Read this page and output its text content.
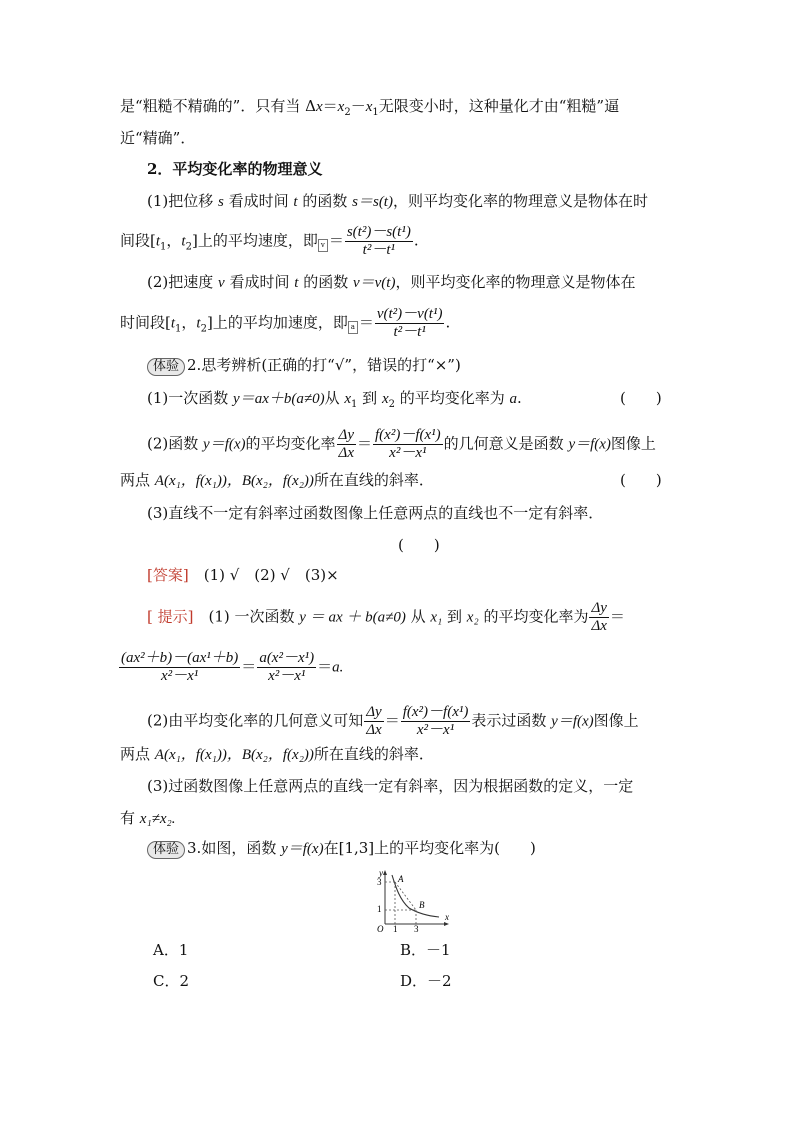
是“粗糙不精确的”．只有当 $\Delta x=x_2-x_1$无限变小时，这种量化才由“粗糙”逼
近“精确”．
2．平均变化率的物理意义
(1)把位移 s 看成时间 t 的函数 s＝s(t)，则平均变化率的物理意义是物体在时
间段[$t_1$，$t_2$]上的平均速度，即 $v = \frac{\text{s(t²)－s(t¹)}}{\text{t²－t¹}}$ .
(2)把速度 v 看成时间 t 的函数 v＝v(t)，则平均变化率的物理意义是物体在
时间段[$t_1$，$t_2$]上的平均加速度，即 $a = \frac{\text{v(t²)－v(t¹)}}{\text{t²－t¹}}$ .
体验 2.思考辨析(正确的打“√”，错误的打“×”)
(1)一次函数 y＝ax＋b(a≠0)从 $x_1$ 到 $x_2$ 的平均变化率为 a.	(　　)
(2)函数 y＝f(x)的平均变化率 $\frac{\Delta y}{\Delta x} = \frac{\text{f(x²)－f(x¹)}}{\text{x²－x¹}}$ 的几何意义是函数 y＝f(x)图像上
两点 A(x₁，f(x₁))，B(x₂，f(x₂))所在直线的斜率．	(　　)
(3)直线不一定有斜率过函数图像上任意两点的直线也不一定有斜率．
(　　)
[答案]　(1) √　(2) √　(3)×
[ 提示]　(1) 一次函数 y ＝ ax ＋ b(a≠0) 从 x₁ 到 x₂ 的平均变化率为 $\frac{\Delta y}{\Delta x}$ ＝
$\frac{\text{(ax²＋b)－(ax¹＋b)}}{\text{x²－x¹}} = \frac{\text{a(x²－x¹)}}{\text{x²－x¹}} =a$.
(2)由平均变化率的几何意义可知 $\frac{\Delta y}{\Delta x} = \frac{\text{f(x²)－f(x¹)}}{\text{x²－x¹}}$ 表示过函数 y＝f(x)图像上
两点 A(x₁，f(x₁))，B(x₂，f(x₂))所在直线的斜率．
(3)过函数图像上任意两点的直线一定有斜率，因为根据函数的定义，一定
有 x₁≠x₂.
体验 3.如图，函数 y＝f(x)在[1,3]上的平均变化率为(　　)
y
x
O
A
B
3
1
1 3
A．1	B．－1
C．2	D．－2
